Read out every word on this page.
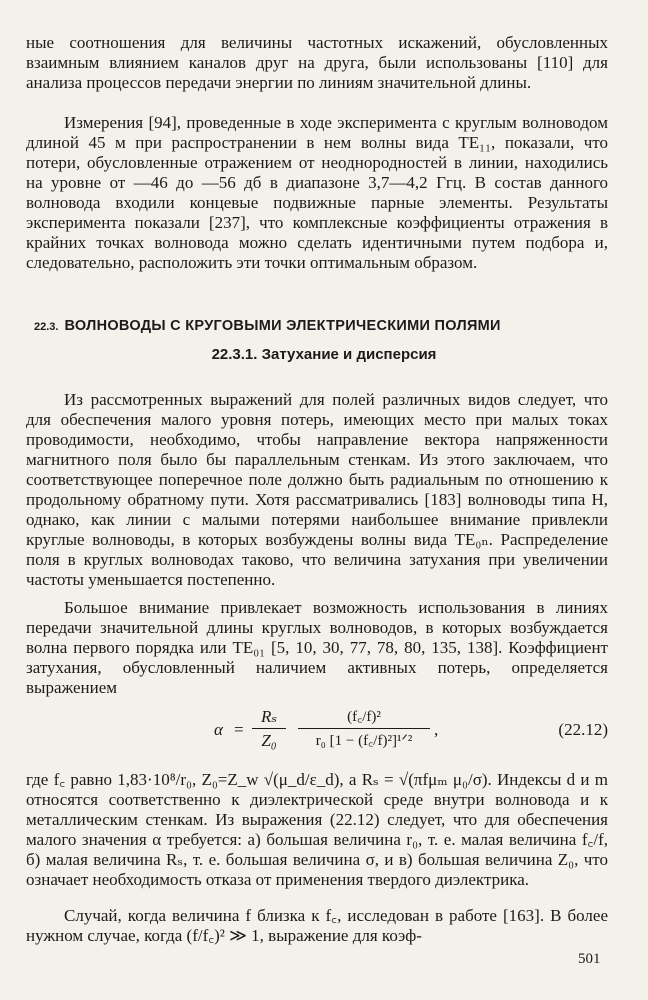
ные соотношения для величины частотных искажений, обусловленных взаимным влиянием каналов друг на друга, были использованы [110] для анализа процессов передачи энергии по линиям значительной длины.

Измерения [94], проведенные в ходе эксперимента с круглым волноводом длиной 45 м при распространении в нем волны вида TE₁₁, показали, что потери, обусловленные отражением от неоднородностей в линии, находились на уровне от —46 до —56 дб в диапазоне 3,7—4,2 Ггц. В состав данного волновода входили концевые подвижные парные элементы. Результаты эксперимента показали [237], что комплексные коэффициенты отражения в крайних точках волновода можно сделать идентичными путем подбора и, следовательно, расположить эти точки оптимальным образом.

22.3. ВОЛНОВОДЫ С КРУГОВЫМИ ЭЛЕКТРИЧЕСКИМИ ПОЛЯМИ
22.3.1. Затухание и дисперсия

Из рассмотренных выражений для полей различных видов следует, что для обеспечения малого уровня потерь, имеющих место при малых токах проводимости, необходимо, чтобы направление вектора напряженности магнитного поля было бы параллельным стенкам. Из этого заключаем, что соответствующее поперечное поле должно быть радиальным по отношению к продольному обратному пути. Хотя рассматривались [183] волноводы типа H, однако, как линии с малыми потерями наибольшее внимание привлекли круглые волноводы, в которых возбуждены волны вида TE₀ₙ. Распределение поля в круглых волноводах таково, что величина затухания при увеличении частоты уменьшается постепенно.

Большое внимание привлекает возможность использования в линиях передачи значительной длины круглых волноводов, в которых возбуждается волна первого порядка или TE₀₁ [5, 10, 30, 77, 78, 80, 135, 138]. Коэффициент затухания, обусловленный наличием активных потерь, определяется выражением

$\alpha = \frac{\text{Rₛ}}{\text{Z₀}}$	(f꜀/f)²
r₀ [1 − (f꜀/f)²]¹ᐟ²
,	(22.12)

где f꜀ равно 1,83·10⁸/r₀, Z₀=Z_w √(μ_d/ε_d), а Rₛ = √(πfμₘ μ₀/σ). Индексы d и m относятся соответственно к диэлектрической среде внутри волновода и к металлическим стенкам. Из выражения (22.12) следует, что для обеспечения малого значения α требуется: а) большая величина r₀, т. е. малая величина f꜀/f, б) малая величина Rₛ, т. е. большая величина σ, и в) большая величина Z₀, что означает необходимость отказа от применения твердого диэлектрика.

Случай, когда величина f близка к f꜀, исследован в работе [163]. В более нужном случае, когда (f/f꜀)² ≫ 1, выражение для коэф-

501
